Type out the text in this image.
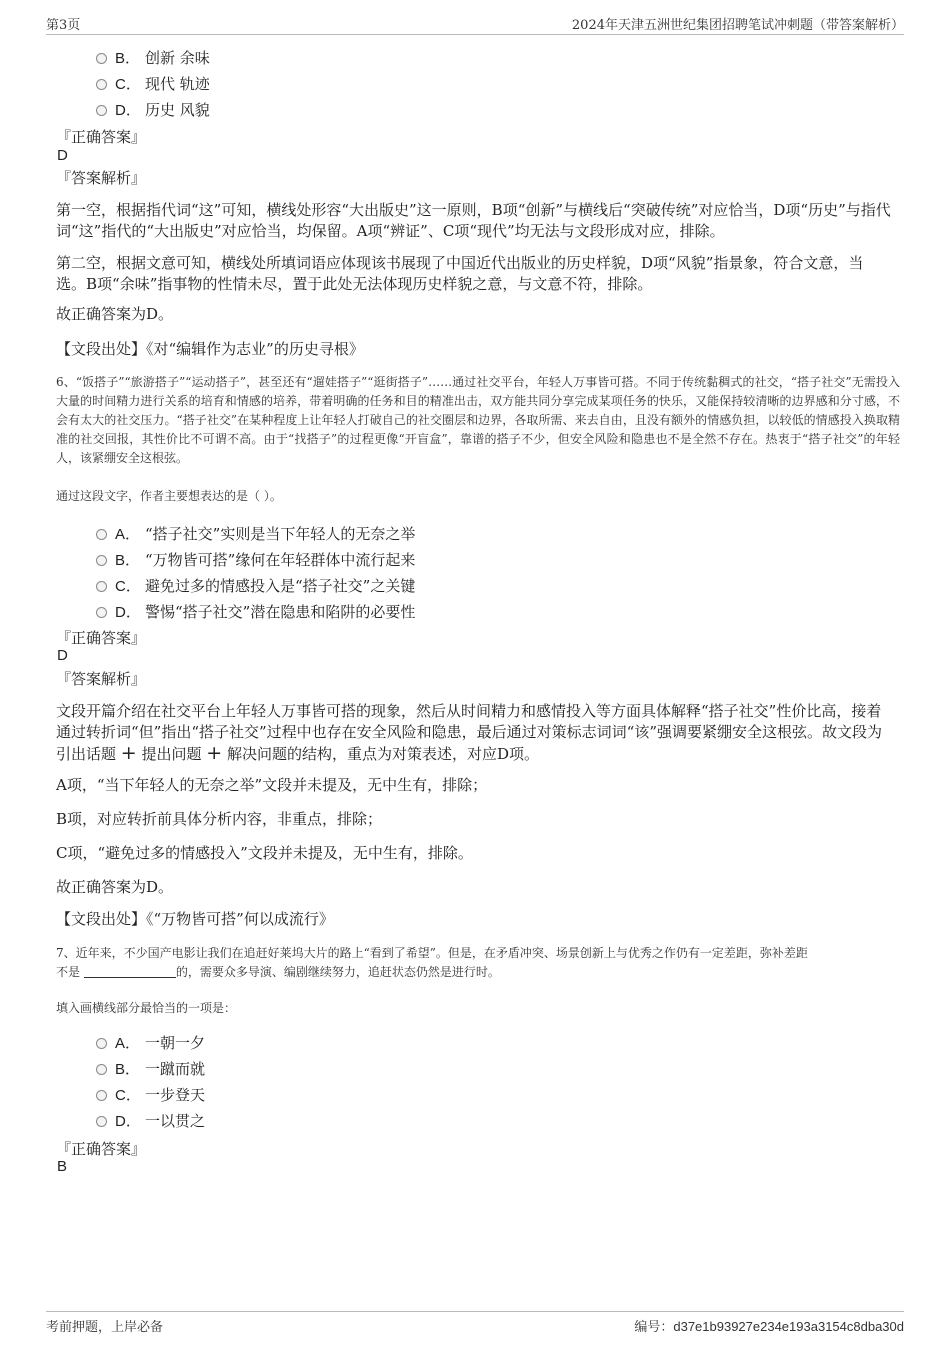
第3页	2024年天津五洲世纪集团招聘笔试冲刺题（带答案解析）
B． 创新 余味
C． 现代 轨迹
D． 历史 风貌
『正确答案』
D
『答案解析』
第一空，根据指代词“这”可知，横线处形容“大出版史”这一原则，B项“创新”与横线后“突破传统”对应恰当，D项“历史”与指代词“这”指代的“大出版史”对应恰当，均保留。A项“辨证”、C项“现代”均无法与文段形成对应，排除。
第二空，根据文意可知，横线处所填词语应体现该书展现了中国近代出版业的历史样貌，D项“风貌”指景象，符合文意，当选。B项“余味”指事物的性情未尽，置于此处无法体现历史样貌之意，与文意不符，排除。
故正确答案为D。
【文段出处】《对“编辑作为志业”的历史寻根》
6、“饭搭子”“旅游搭子”“运动搭子”，甚至还有“遛娃搭子”“逛街搭子”……通过社交平台，年轻人万事皆可搭。不同于传统黏稠式的社交，“搭子社交”无需投入大量的时间精力进行关系的培育和情感的培养，带着明确的任务和目的精准出击，双方能共同分享完成某项任务的快乐，又能保持较清晰的边界感和分寸感，不会有太大的社交压力。“搭子社交”在某种程度上让年轻人打破自己的社交圈层和边界，各取所需、来去自由，且没有额外的情感负担，以较低的情感投入换取精准的社交回报，其性价比不可谓不高。由于“找搭子”的过程更像“开盲盒”，靠谱的搭子不少，但安全风险和隐患也不是全然不存在。热衷于“搭子社交”的年轻人，该紧绷安全这根弦。
通过这段文字，作者主要想表达的是（ ）。
A． “搭子社交”实则是当下年轻人的无奈之举
B． “万物皆可搭”缘何在年轻群体中流行起来
C． 避免过多的情感投入是“搭子社交”之关键
D． 警惕“搭子社交”潜在隐患和陷阱的必要性
『正确答案』
D
『答案解析』
文段开篇介绍在社交平台上年轻人万事皆可搭的现象，然后从时间精力和感情投入等方面具体解释“搭子社交”性价比高，接着通过转折词“但”指出“搭子社交”过程中也存在安全风险和隐患，最后通过对策标志词词“该”强调要紧绷安全这根弦。故文段为引出话题 + 提出问题 + 解决问题的结构，重点为对策表述，对应D项。
A项，“当下年轻人的无奈之举”文段并未提及，无中生有，排除；
B项，对应转折前具体分析内容，非重点，排除；
C项，“避免过多的情感投入”文段并未提及，无中生有，排除。
故正确答案为D。
【文段出处】《“万物皆可搭”何以成流行》
7、近年来，不少国产电影让我们在追赶好莱坞大片的路上“看到了希望”。但是，在矛盾冲突、场景创新上与优秀之作仍有一定差距，弥补差距
不是	的，需要众多导演、编剧继续努力，追赶状态仍然是进行时。
填入画横线部分最恰当的一项是：
A． 一朝一夕
B． 一蹴而就
C． 一步登天
D． 一以贯之
『正确答案』
B
考前押题，上岸必备	编号：d37e1b93927e234e193a3154c8dba30d
